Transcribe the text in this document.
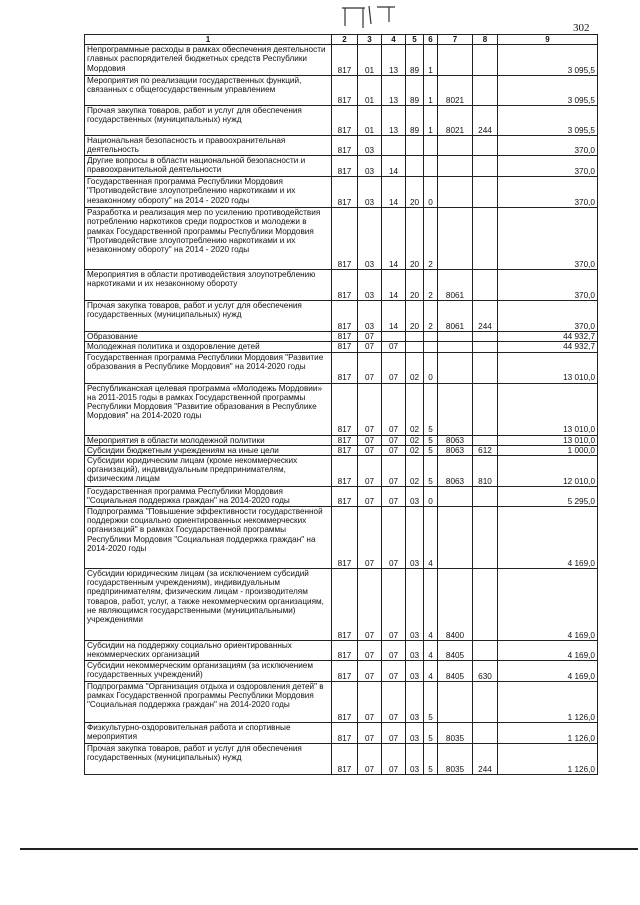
302
1	2	3	4	5	6	7	8	9
Непрограммные расходы в рамках обеспечения деятельности главных распорядителей бюджетных средств Республики Мордовия	817	01	13	89	1			3 095,5
Мероприятия по реализации государственных функций, связанных с общегосударственным управлением	817	01	13	89	1	8021		3 095,5
Прочая закупка товаров, работ и услуг для обеспечения государственных (муниципальных) нужд	817	01	13	89	1	8021	244	3 095,5
Национальная безопасность и правоохранительная деятельность	817	03						370,0
Другие вопросы в области национальной безопасности и правоохранительной деятельности	817	03	14					370,0
Государственная программа Республики Мордовия "Противодействие злоупотреблению наркотиками и их незаконному обороту" на 2014 - 2020 годы	817	03	14	20	0			370,0
Разработка и реализация мер по усилению противодействия потреблению наркотиков среди подростков и молодежи в рамках Государственной программы Республики Мордовия "Противодействие злоупотреблению наркотиками и их незаконному обороту" на 2014 - 2020 годы	817	03	14	20	2			370,0
Мероприятия в области противодействия злоупотреблению наркотиками и их незаконному обороту	817	03	14	20	2	8061		370,0
Прочая закупка товаров, работ и услуг для обеспечения государственных (муниципальных) нужд	817	03	14	20	2	8061	244	370,0
Образование	817	07						44 932,7
Молодежная политика и оздоровление детей	817	07	07					44 932,7
Государственная программа Республики Мордовия "Развитие образования в Республике Мордовия" на 2014-2020 годы	817	07	07	02	0			13 010,0
Республиканская целевая программа «Молодежь Мордовии» на 2011-2015 годы в рамках Государственной программы Республики Мордовия "Развитие образования в Республике Мордовия" на 2014-2020 годы	817	07	07	02	5			13 010,0
Мероприятия в области молодежной политики	817	07	07	02	5	8063		13 010,0
Субсидии бюджетным учреждениям на иные цели	817	07	07	02	5	8063	612	1 000,0
Субсидии юридическим лицам (кроме некоммерческих организаций), индивидуальным предпринимателям, физическим лицам	817	07	07	02	5	8063	810	12 010,0
Государственная программа Республики Мордовия "Социальная поддержка граждан" на 2014-2020 годы	817	07	07	03	0			5 295,0
Подпрограмма "Повышение эффективности государственной поддержки социально ориентированных некоммерческих организаций" в рамках Государственной программы Республики Мордовия "Социальная поддержка граждан" на 2014-2020 годы	817	07	07	03	4			4 169,0
Субсидии юридическим лицам (за исключением субсидий государственным учреждениям), индивидуальным предпринимателям, физическим лицам - производителям товаров, работ, услуг, а также некоммерческим организациям, не являющимся государственными (муниципальными) учреждениями	817	07	07	03	4	8400		4 169,0
Субсидии на поддержку социально ориентированных некоммерческих организаций	817	07	07	03	4	8405		4 169,0
Субсидии некоммерческим организациям (за исключением государственных учреждений)	817	07	07	03	4	8405	630	4 169,0
Подпрограмма "Организация отдыха и оздоровления детей" в рамках Государственной программы Республики Мордовия "Социальная поддержка граждан" на 2014-2020 годы	817	07	07	03	5			1 126,0
Физкультурно-оздоровительная работа и спортивные мероприятия	817	07	07	03	5	8035		1 126,0
Прочая закупка товаров, работ и услуг для обеспечения государственных (муниципальных) нужд	817	07	07	03	5	8035	244	1 126,0
